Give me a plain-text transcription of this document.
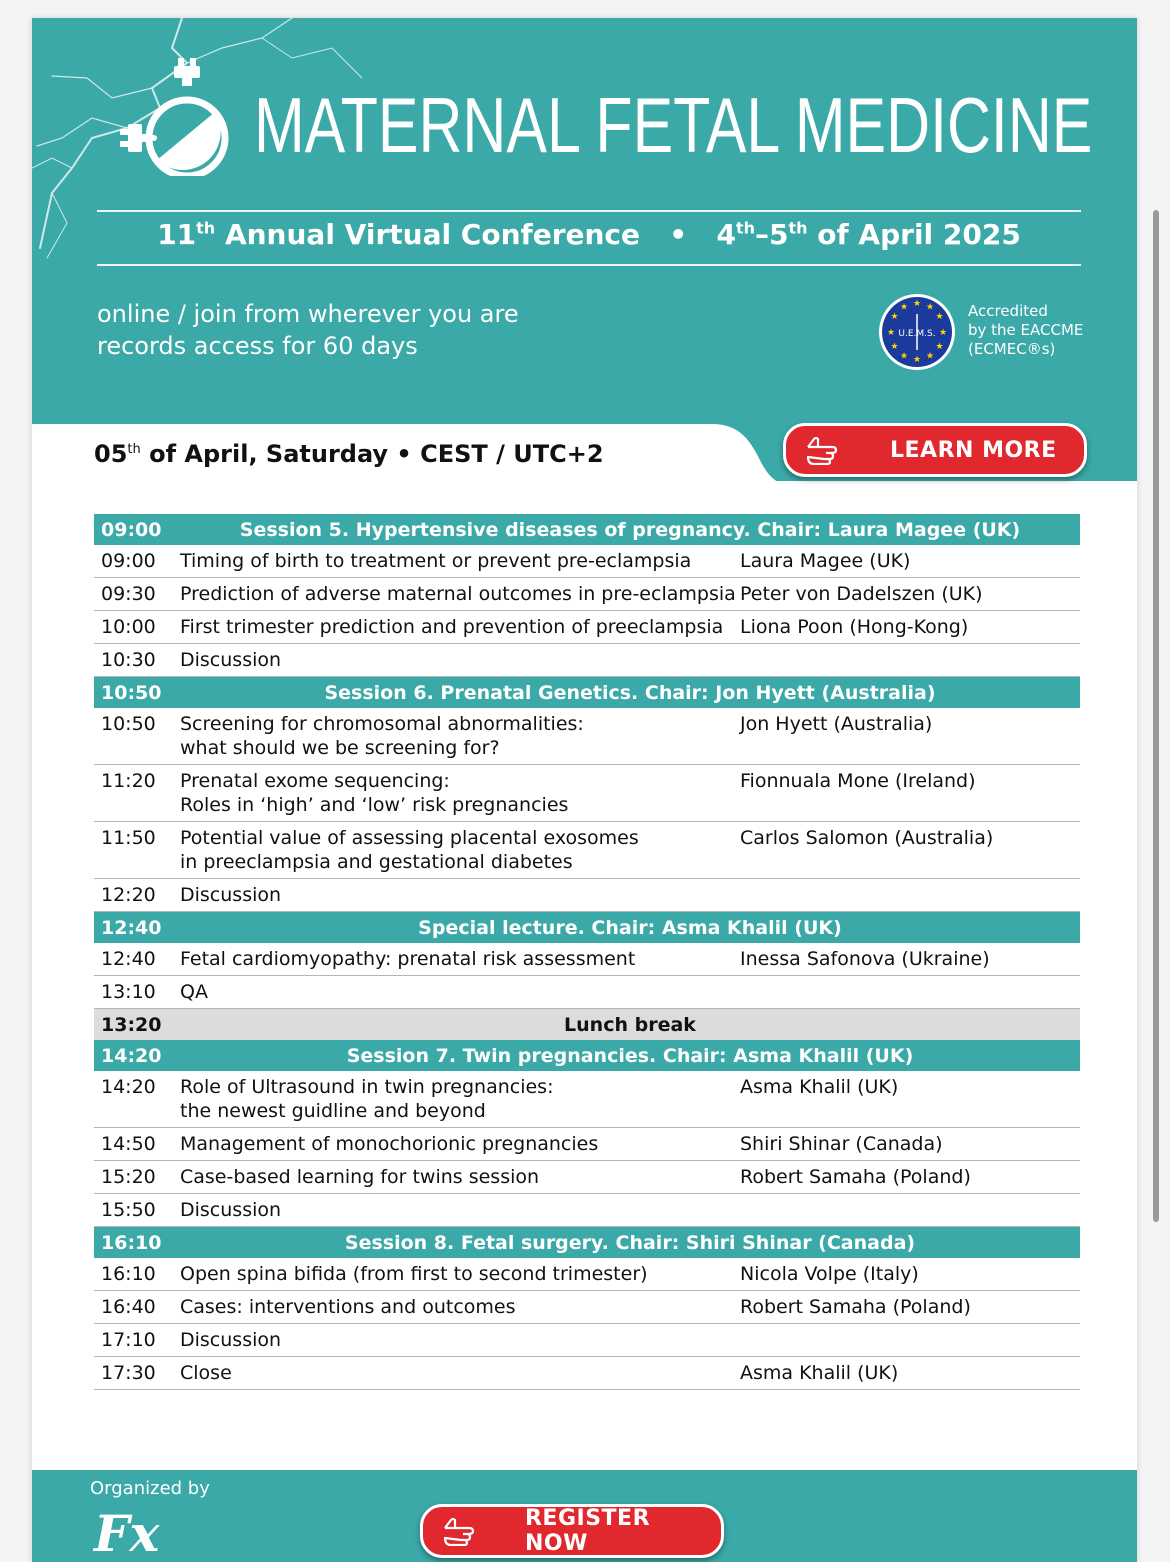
MATERNAL FETAL MEDICINE
11th Annual Virtual Conference • 4th–5th of April 2025
online / join from wherever you are
records access for 60 days
★ ★
★
★
★
★
★
★
★
★
★
★
U.E.M.S.
Accredited
by the EACCME
(ECMEC®s)
05th of April, Saturday • CEST / UTC+2	LEARN MORE
09:00	Session 5. Hypertensive diseases of pregnancy. Chair: Laura Magee (UK)	
09:00	Timing of birth to treatment or prevent pre-eclampsia	Laura Magee (UK)
09:30	Prediction of adverse maternal outcomes in pre-eclampsia	Peter von Dadelszen (UK)
10:00	First trimester prediction and prevention of preeclampsia	Liona Poon (Hong-Kong)
10:30	Discussion	

10:50	Session 6. Prenatal Genetics. Chair: Jon Hyett (Australia)	
10:50	Screening for chromosomal abnormalities:
what should we be screening for?	Jon Hyett (Australia)
11:20	Prenatal exome sequencing:
Roles in ‘high’ and ‘low’ risk pregnancies	Fionnuala Mone (Ireland)
11:50	Potential value of assessing placental exosomes
in preeclampsia and gestational diabetes	Carlos Salomon (Australia)
12:20	Discussion	

12:40	Special lecture. Chair: Asma Khalil (UK)	
12:40	Fetal cardiomyopathy: prenatal risk assessment	Inessa Safonova (Ukraine)
13:10	QA	

13:20	Lunch break	
14:20	Session 7. Twin pregnancies. Chair: Asma Khalil (UK)	
14:20	Role of Ultrasound in twin pregnancies:
the newest guidline and beyond	Asma Khalil (UK)
14:50	Management of monochorionic pregnancies	Shiri Shinar (Canada)
15:20	Case-based learning for twins session	Robert Samaha (Poland)
15:50	Discussion	

16:10	Session 8. Fetal surgery. Chair: Shiri Shinar (Canada)	
16:10	Open spina bifida (from first to second trimester)	Nicola Volpe (Italy)
16:40	Cases: interventions and outcomes	Robert Samaha (Poland)
17:10	Discussion	

17:30	Close	Asma Khalil (UK)
Organized by
Fx	REGISTER NOW
